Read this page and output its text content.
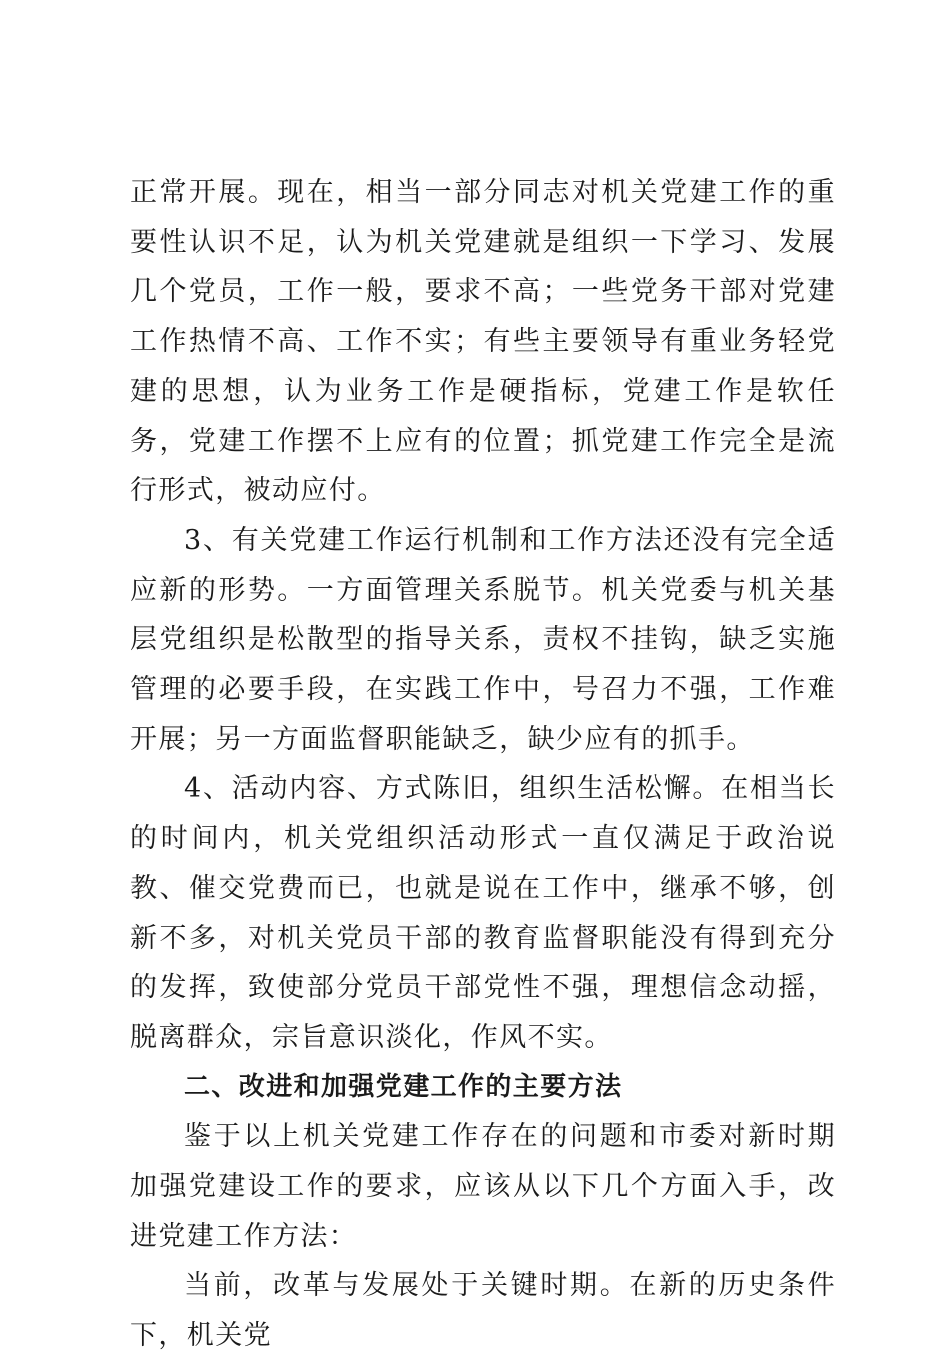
正常开展。现在，相当一部分同志对机关党建工作的重要性认识不足，认为机关党建就是组织一下学习、发展几个党员，工作一般，要求不高；一些党务干部对党建工作热情不高、工作不实；有些主要领导有重业务轻党建的思想，认为业务工作是硬指标，党建工作是软任务，党建工作摆不上应有的位置；抓党建工作完全是流行形式，被动应付。

3、有关党建工作运行机制和工作方法还没有完全适应新的形势。一方面管理关系脱节。机关党委与机关基层党组织是松散型的指导关系，责权不挂钩，缺乏实施管理的必要手段，在实践工作中，号召力不强，工作难开展；另一方面监督职能缺乏，缺少应有的抓手。

4、活动内容、方式陈旧，组织生活松懈。在相当长的时间内，机关党组织活动形式一直仅满足于政治说教、催交党费而已，也就是说在工作中，继承不够，创新不多，对机关党员干部的教育监督职能没有得到充分的发挥，致使部分党员干部党性不强，理想信念动摇，脱离群众，宗旨意识淡化，作风不实。

二、改进和加强党建工作的主要方法

鉴于以上机关党建工作存在的问题和市委对新时期加强党建设工作的要求，应该从以下几个方面入手，改进党建工作方法：

当前，改革与发展处于关键时期。在新的历史条件下，机关党
